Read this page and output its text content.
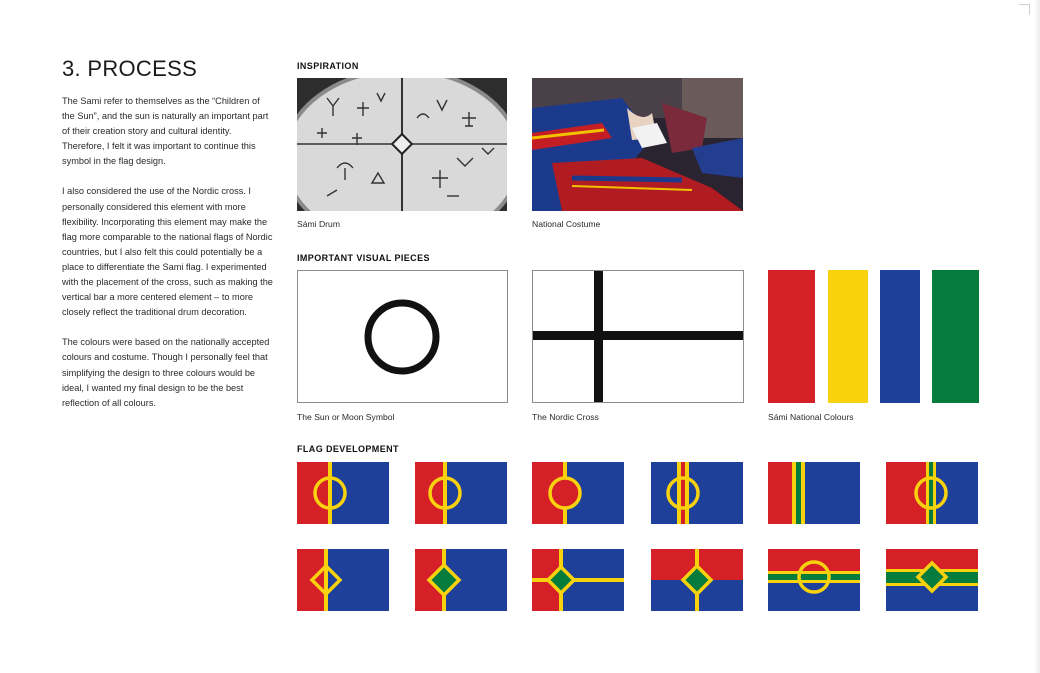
3. PROCESS

The Sami refer to themselves as the “Children of the Sun”, and the sun is naturally an important part of their creation story and cultural identity. Therefore, I felt it was important to continue this symbol in the flag design.

I also considered the use of the Nordic cross. I personally considered this element with more flexibility. Incorporating this element may make the flag more comparable to the national flags of Nordic countries, but I also felt this could potentially be a place to differentiate the Sami flag. I experimented with the placement of the cross, such as making the vertical bar a more centered element – to more closely reflect the traditional drum decoration.

The colours were based on the nationally accepted colours and costume. Though I personally feel that simplifying the design to three colours would be ideal, I wanted my final design to be the best reflection of all colours.

INSPIRATION
Sámi Drum	National Costume
IMPORTANT VISUAL PIECES
The Sun or Moon Symbol	The Nordic Cross	Sámi National Colours
FLAG DEVELOPMENT
